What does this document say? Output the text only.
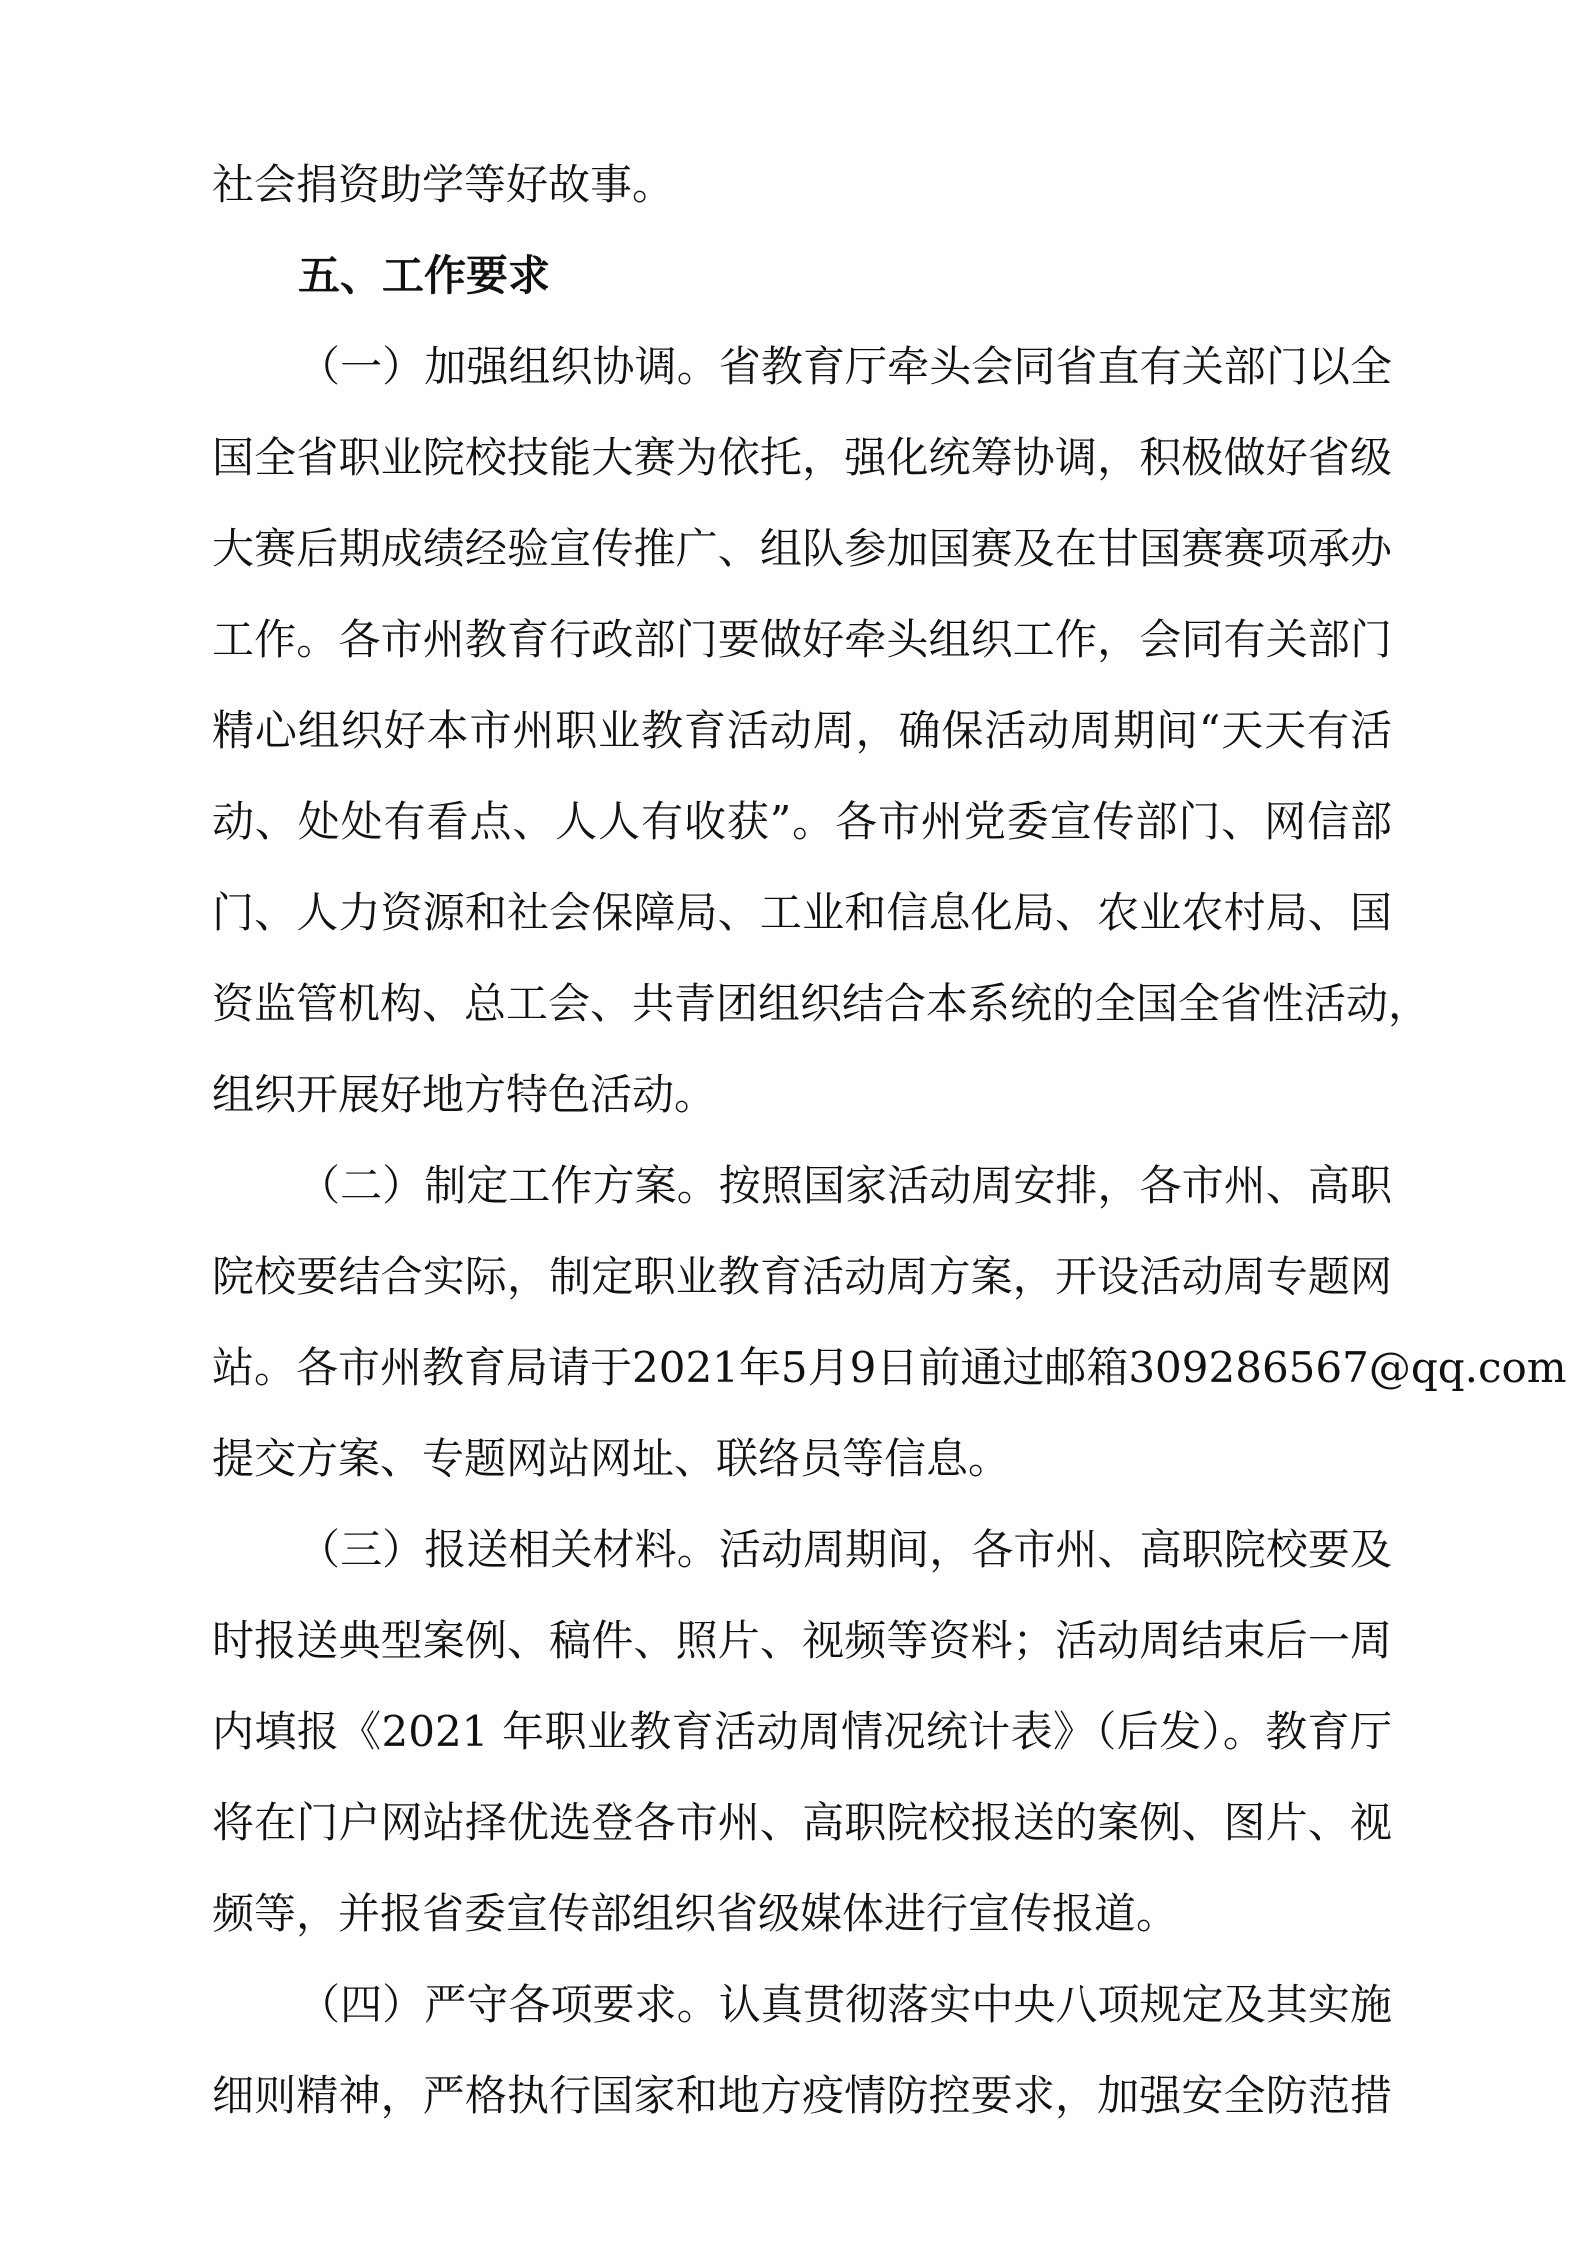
社会捐资助学等好故事。
五、工作要求
（一）加强组织协调。省教育厅牵头会同省直有关部门以全
国全省职业院校技能大赛为依托，强化统筹协调，积极做好省级
大赛后期成绩经验宣传推广、组队参加国赛及在甘国赛赛项承办
工作。各市州教育行政部门要做好牵头组织工作，会同有关部门
精心组织好本市州职业教育活动周，确保活动周期间“天天有活
动、处处有看点、人人有收获”。各市州党委宣传部门、网信部
门、人力资源和社会保障局、工业和信息化局、农业农村局、国
资监管机构、总工会、共青团组织结合本系统的全国全省性活动，
组织开展好地方特色活动。
（二）制定工作方案。按照国家活动周安排，各市州、高职
院校要结合实际，制定职业教育活动周方案，开设活动周专题网
站。各市州教育局请于2021年5月9日前通过邮箱309286567@qq.com
提交方案、专题网站网址、联络员等信息。
（三）报送相关材料。活动周期间，各市州、高职院校要及
时报送典型案例、稿件、照片、视频等资料；活动周结束后一周
内填报《2021 年职业教育活动周情况统计表》（后发）。教育厅
将在门户网站择优选登各市州、高职院校报送的案例、图片、视
频等，并报省委宣传部组织省级媒体进行宣传报道。
（四）严守各项要求。认真贯彻落实中央八项规定及其实施
细则精神，严格执行国家和地方疫情防控要求，加强安全防范措
